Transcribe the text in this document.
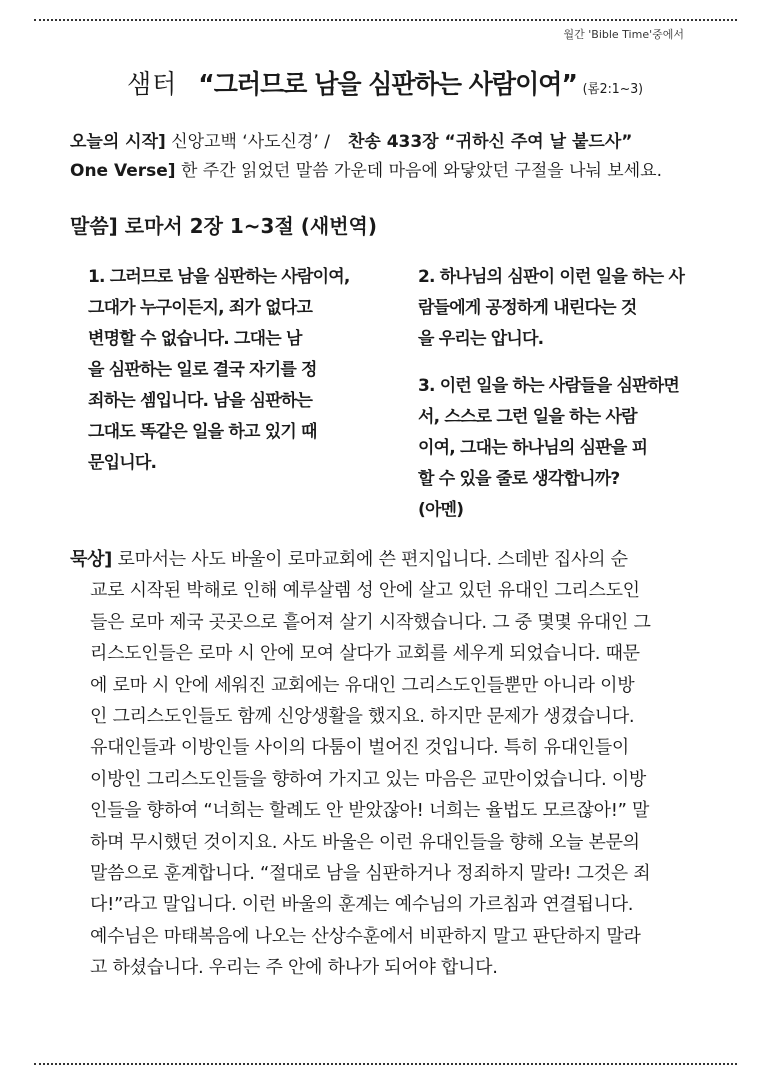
월간 'Bible Time'중에서
샘터 “그러므로 남을 심판하는 사람이여” (롬2:1~3)
오늘의 시작] 신앙고백 ‘사도신경’ / 찬송 433장 “귀하신 주여 날 붙드사”
One Verse] 한 주간 읽었던 말씀 가운데 마음에 와닿았던 구절을 나눠 보세요.
말씀] 로마서 2장 1~3절 (새번역)
1. 그러므로 남을 심판하는 사람이여,
그대가 누구이든지, 죄가 없다고
변명할 수 없습니다. 그대는 남
을 심판하는 일로 결국 자기를 정
죄하는 셈입니다. 남을 심판하는
그대도 똑같은 일을 하고 있기 때
문입니다.
2. 하나님의 심판이 이런 일을 하는 사
람들에게 공정하게 내린다는 것
을 우리는 압니다.
3. 이런 일을 하는 사람들을 심판하면
서, 스스로 그런 일을 하는 사람
이여, 그대는 하나님의 심판을 피
할 수 있을 줄로 생각합니까?
(아멘)
묵상] 로마서는 사도 바울이 로마교회에 쓴 편지입니다. 스데반 집사의 순
교로 시작된 박해로 인해 예루살렘 성 안에 살고 있던 유대인 그리스도인
들은 로마 제국 곳곳으로 흩어져 살기 시작했습니다. 그 중 몇몇 유대인 그
리스도인들은 로마 시 안에 모여 살다가 교회를 세우게 되었습니다. 때문
에 로마 시 안에 세워진 교회에는 유대인 그리스도인들뿐만 아니라 이방
인 그리스도인들도 함께 신앙생활을 했지요. 하지만 문제가 생겼습니다.
유대인들과 이방인들 사이의 다툼이 벌어진 것입니다. 특히 유대인들이
이방인 그리스도인들을 향하여 가지고 있는 마음은 교만이었습니다. 이방
인들을 향하여 “너희는 할례도 안 받았잖아! 너희는 율법도 모르잖아!” 말
하며 무시했던 것이지요. 사도 바울은 이런 유대인들을 향해 오늘 본문의
말씀으로 훈계합니다. “절대로 남을 심판하거나 정죄하지 말라! 그것은 죄
다!”라고 말입니다. 이런 바울의 훈계는 예수님의 가르침과 연결됩니다.
예수님은 마태복음에 나오는 산상수훈에서 비판하지 말고 판단하지 말라
고 하셨습니다. 우리는 주 안에 하나가 되어야 합니다.
